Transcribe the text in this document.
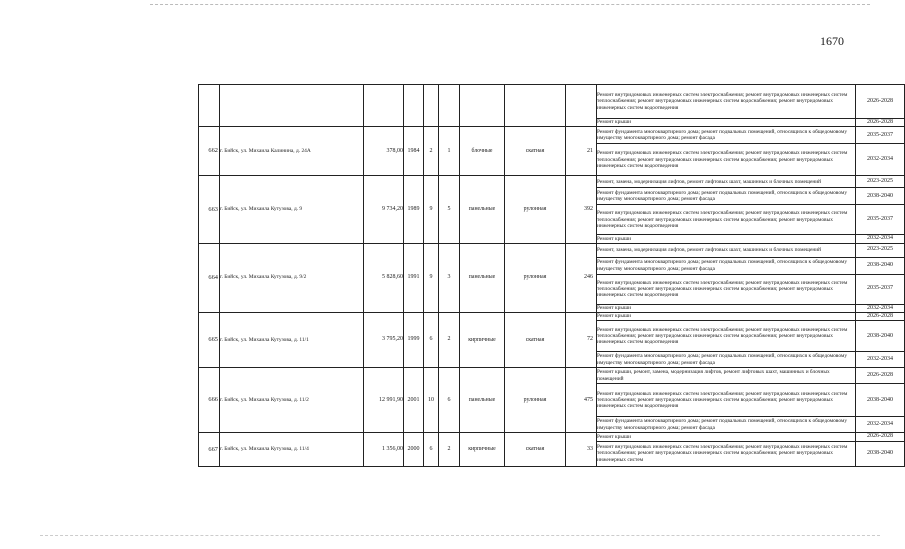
1670
									Ремонт внутридомовых инженерных систем электроснабжения; ремонт внутридомовых инженерных систем теплоснабжения; ремонт внутридомовых инженерных систем водоснабжения; ремонт внутридомовых инженерных систем водоотведения	2026-2028
									Ремонт крыши	2026-2028
662	г. Бийск, ул. Михаила Калинина, д. 24А	378,00	1984	2	1	блочные	скатная	21	Ремонт фундамента многоквартирного дома; ремонт подвальных помещений, относящихся к общедомовому имуществу многоквартирного дома; ремонт фасада	2035-2037
									Ремонт внутридомовых инженерных систем электроснабжения; ремонт внутридомовых инженерных систем теплоснабжения; ремонт внутридомовых инженерных систем водоснабжения; ремонт внутридомовых инженерных систем водоотведения	2032-2034
663	г. Бийск, ул. Михаила Кутузова, д. 9	9 734,20	1989	9	5	панельные	рулонная	392	Ремонт, замена, модернизация лифтов, ремонт лифтовых шахт, машинных и блочных помещений	2023-2025
									Ремонт фундамента многоквартирного дома; ремонт подвальных помещений, относящихся к общедомовому имуществу многоквартирного дома; ремонт фасада	2038-2040
									Ремонт внутридомовых инженерных систем электроснабжения; ремонт внутридомовых инженерных систем теплоснабжения; ремонт внутридомовых инженерных систем водоснабжения; ремонт внутридомовых инженерных систем водоотведения	2035-2037
									Ремонт крыши	2032-2034
664	г. Бийск, ул. Михаила Кутузова, д. 9/2	5 828,60	1991	9	3	панельные	рулонная	246	Ремонт, замена, модернизация лифтов, ремонт лифтовых шахт, машинных и блочных помещений	2023-2025
									Ремонт фундамента многоквартирного дома; ремонт подвальных помещений, относящихся к общедомовому имуществу многоквартирного дома; ремонт фасада	2038-2040
									Ремонт внутридомовых инженерных систем электроснабжения; ремонт внутридомовых инженерных систем теплоснабжения; ремонт внутридомовых инженерных систем водоснабжения; ремонт внутридомовых инженерных систем водоотведения	2035-2037
									Ремонт крыши	2032-2034
665	г. Бийск, ул. Михаила Кутузова, д. 11/1	3 795,20	1999	6	2	кирпичные	скатная	72	Ремонт крыши	2026-2028
									Ремонт внутридомовых инженерных систем электроснабжения; ремонт внутридомовых инженерных систем теплоснабжения; ремонт внутридомовых инженерных систем водоснабжения; ремонт внутридомовых инженерных систем водоотведения	2038-2040
									Ремонт фундамента многоквартирного дома; ремонт подвальных помещений, относящихся к общедомовому имуществу многоквартирного дома; ремонт фасада	2032-2034
666	г. Бийск, ул. Михаила Кутузова, д. 11/2	12 991,90	2001	10	6	панельные	рулонная	475	Ремонт крыши, ремонт, замена, модернизация лифтов, ремонт лифтовых шахт, машинных и блочных помещений	2026-2028
									Ремонт внутридомовых инженерных систем электроснабжения; ремонт внутридомовых инженерных систем теплоснабжения; ремонт внутридомовых инженерных систем водоснабжения; ремонт внутридомовых инженерных систем водоотведения	2038-2040
									Ремонт фундамента многоквартирного дома; ремонт подвальных помещений, относящихся к общедомовому имуществу многоквартирного дома; ремонт фасада	2032-2034
667	г. Бийск, ул. Михаила Кутузова, д. 11/4	1 356,00	2000	6	2	кирпичные	скатная	33	Ремонт крыши	2026-2028
									Ремонт внутридомовых инженерных систем электроснабжения; ремонт внутридомовых инженерных систем теплоснабжения; ремонт внутридомовых инженерных систем водоснабжения; ремонт внутридомовых инженерных систем	2038-2040
